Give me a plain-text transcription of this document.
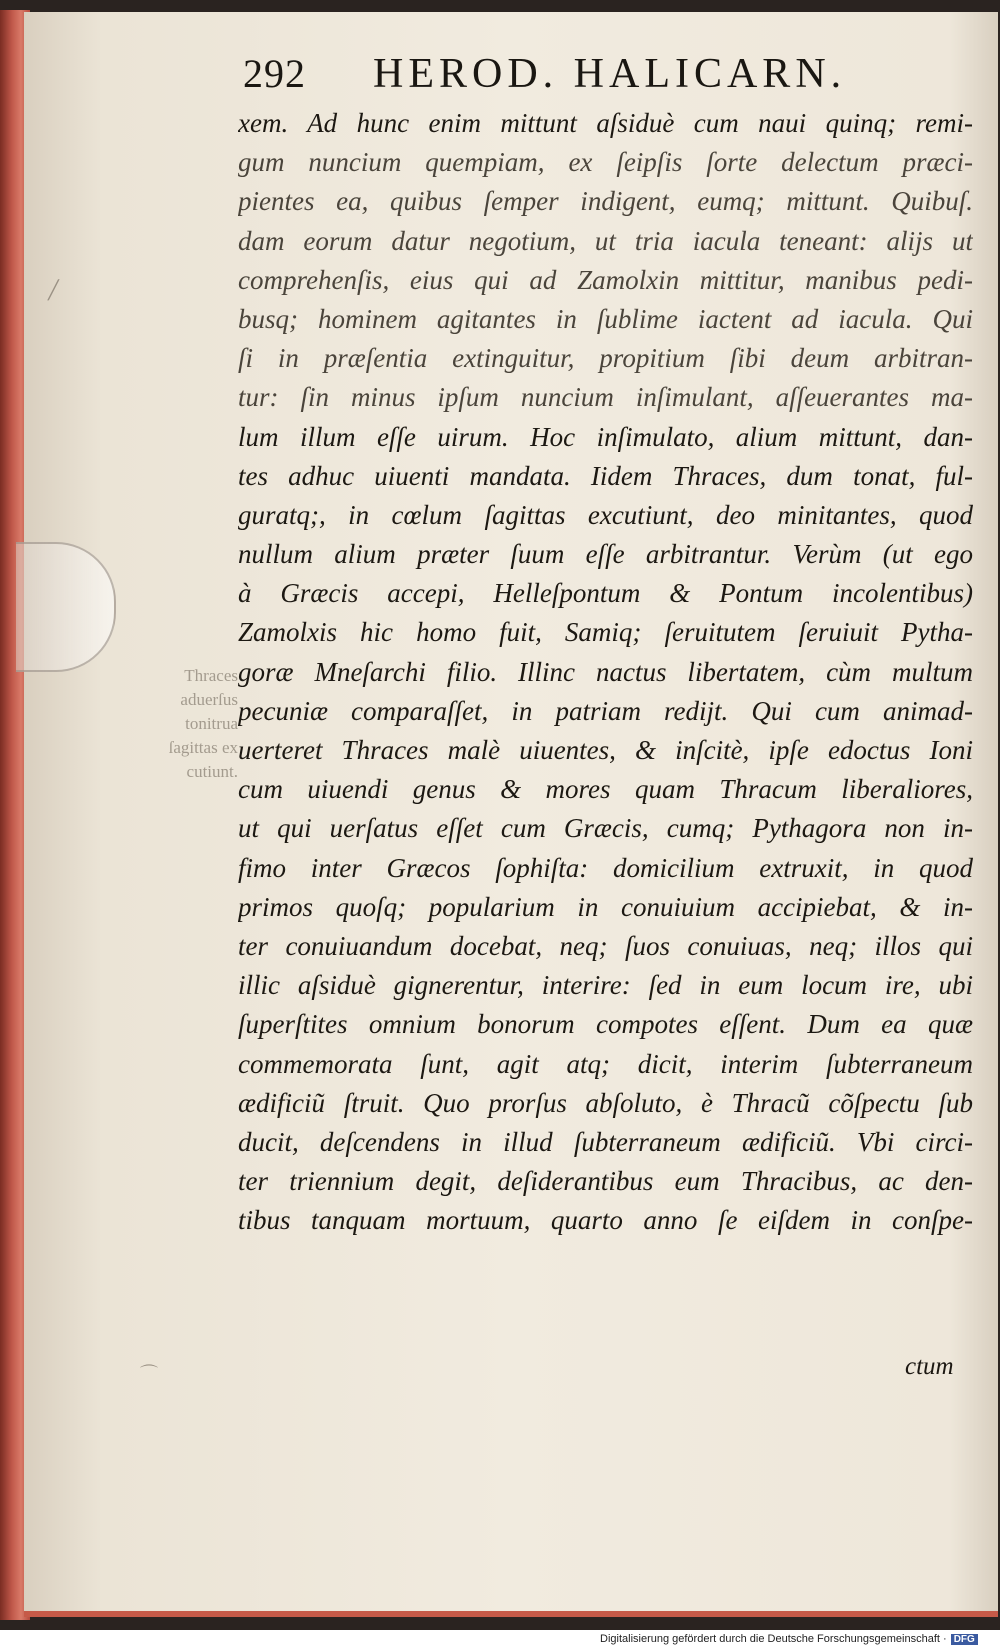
292 HEROD. HALICARN.
xem. Ad hunc enim mittunt aſsiduè cum naui quinq; remi-
gum nuncium quempiam, ex ſeipſis ſorte delectum præci-
pientes ea, quibus ſemper indigent, eumq; mittunt. Quibuſ.
dam eorum datur negotium, ut tria iacula teneant: alijs ut
comprehenſis, eius qui ad Zamolxin mittitur, manibus pedi-
busq; hominem agitantes in ſublime iactent ad iacula. Qui
ſi in præſentia extinguitur, propitium ſibi deum arbitran-
tur: ſin minus ipſum nuncium inſimulant, aſſeuerantes ma-
lum illum eſſe uirum. Hoc inſimulato, alium mittunt, dan-
tes adhuc uiuenti mandata. Iidem Thraces, dum tonat, ful-
guratq;, in cœlum ſagittas excutiunt, deo minitantes, quod
nullum alium præter ſuum eſſe arbitrantur. Verùm (ut ego
à Græcis accepi, Helleſpontum & Pontum incolentibus)
Zamolxis hic homo fuit, Samiq; ſeruitutem ſeruiuit Pytha-
goræ Mneſarchi filio. Illinc nactus libertatem, cùm multum
pecuniæ comparaſſet, in patriam redijt. Qui cum animad-
uerteret Thraces malè uiuentes, & inſcitè, ipſe edoctus Ioni
cum uiuendi genus & mores quam Thracum liberaliores,
ut qui uerſatus eſſet cum Græcis, cumq; Pythagora non in-
fimo inter Græcos ſophiſta: domicilium extruxit, in quod
primos quoſq; popularium in conuiuium accipiebat, & in-
ter conuiuandum docebat, neq; ſuos conuiuas, neq; illos qui
illic aſsiduè gignerentur, interire: ſed in eum locum ire, ubi
ſuperſtites omnium bonorum compotes eſſent. Dum ea quæ
commemorata ſunt, agit atq; dicit, interim ſubterraneum
ædificiũ ſtruit. Quo prorſus abſoluto, è Thracũ cõſpectu ſub
ducit, deſcendens in illud ſubterraneum ædificiũ. Vbi circi-
ter triennium degit, deſiderantibus eum Thracibus, ac den-
tibus tanquam mortuum, quarto anno ſe eiſdem in conſpe-
Thraces
aduerſus
tonitrua
ſagittas ex
cutiunt.
ctum
╱
⌒
Digitalisierung gefördert durch die Deutsche Forschungsgemeinschaft · DFG
